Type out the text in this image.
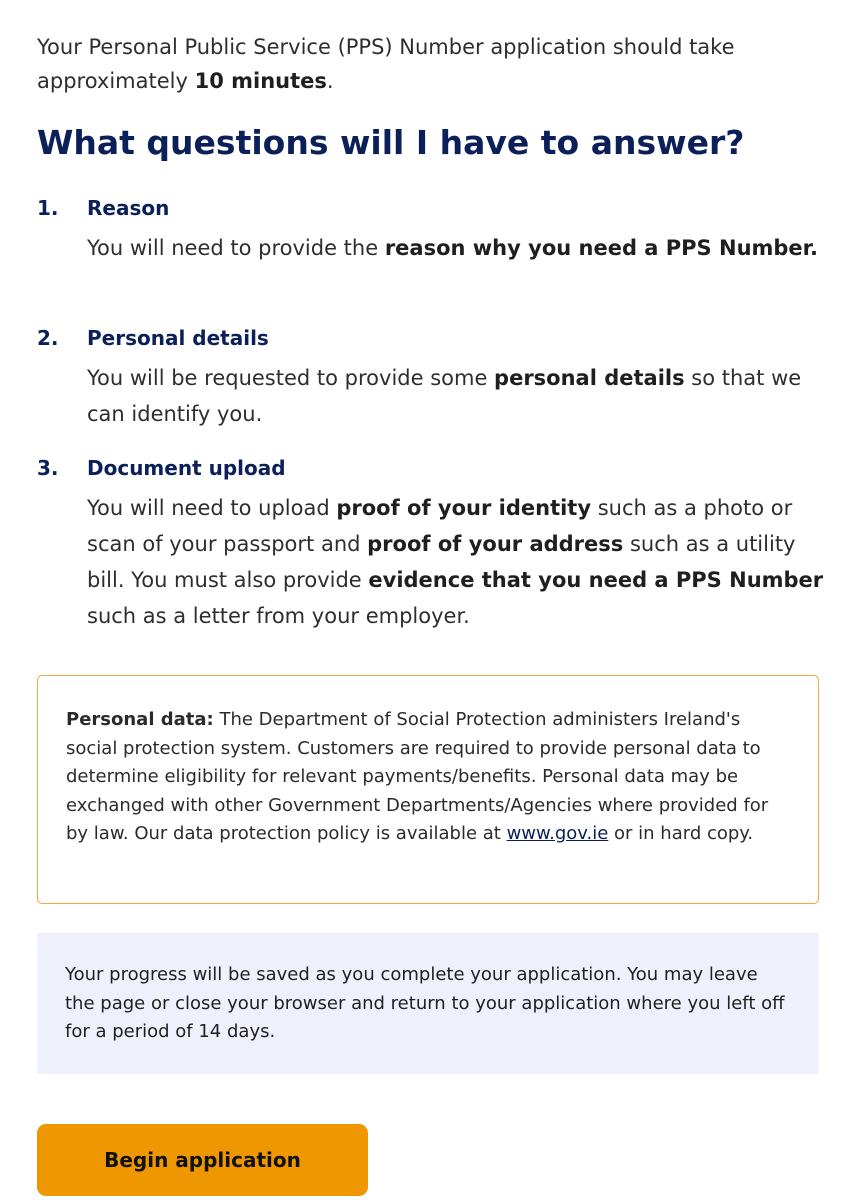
Your Personal Public Service (PPS) Number application should take approximately 10 minutes.

What questions will I have to answer?
1. Reason

You will need to provide the reason why you need a PPS Number.

2. Personal details

You will be requested to provide some personal details so that we can identify you.

3. Document upload

You will need to upload proof of your identity such as a photo or scan of your passport and proof of your address such as a utility bill. You must also provide evidence that you need a PPS Number such as a letter from your employer.

Personal data: The Department of Social Protection administers Ireland's social protection system. Customers are required to provide personal data to determine eligibility for relevant payments/benefits. Personal data may be exchanged with other Government Departments/Agencies where provided for by law. Our data protection policy is available at www.gov.ie or in hard copy.

Your progress will be saved as you complete your application. You may leave the page or close your browser and return to your application where you left off for a period of 14 days.

Begin application
